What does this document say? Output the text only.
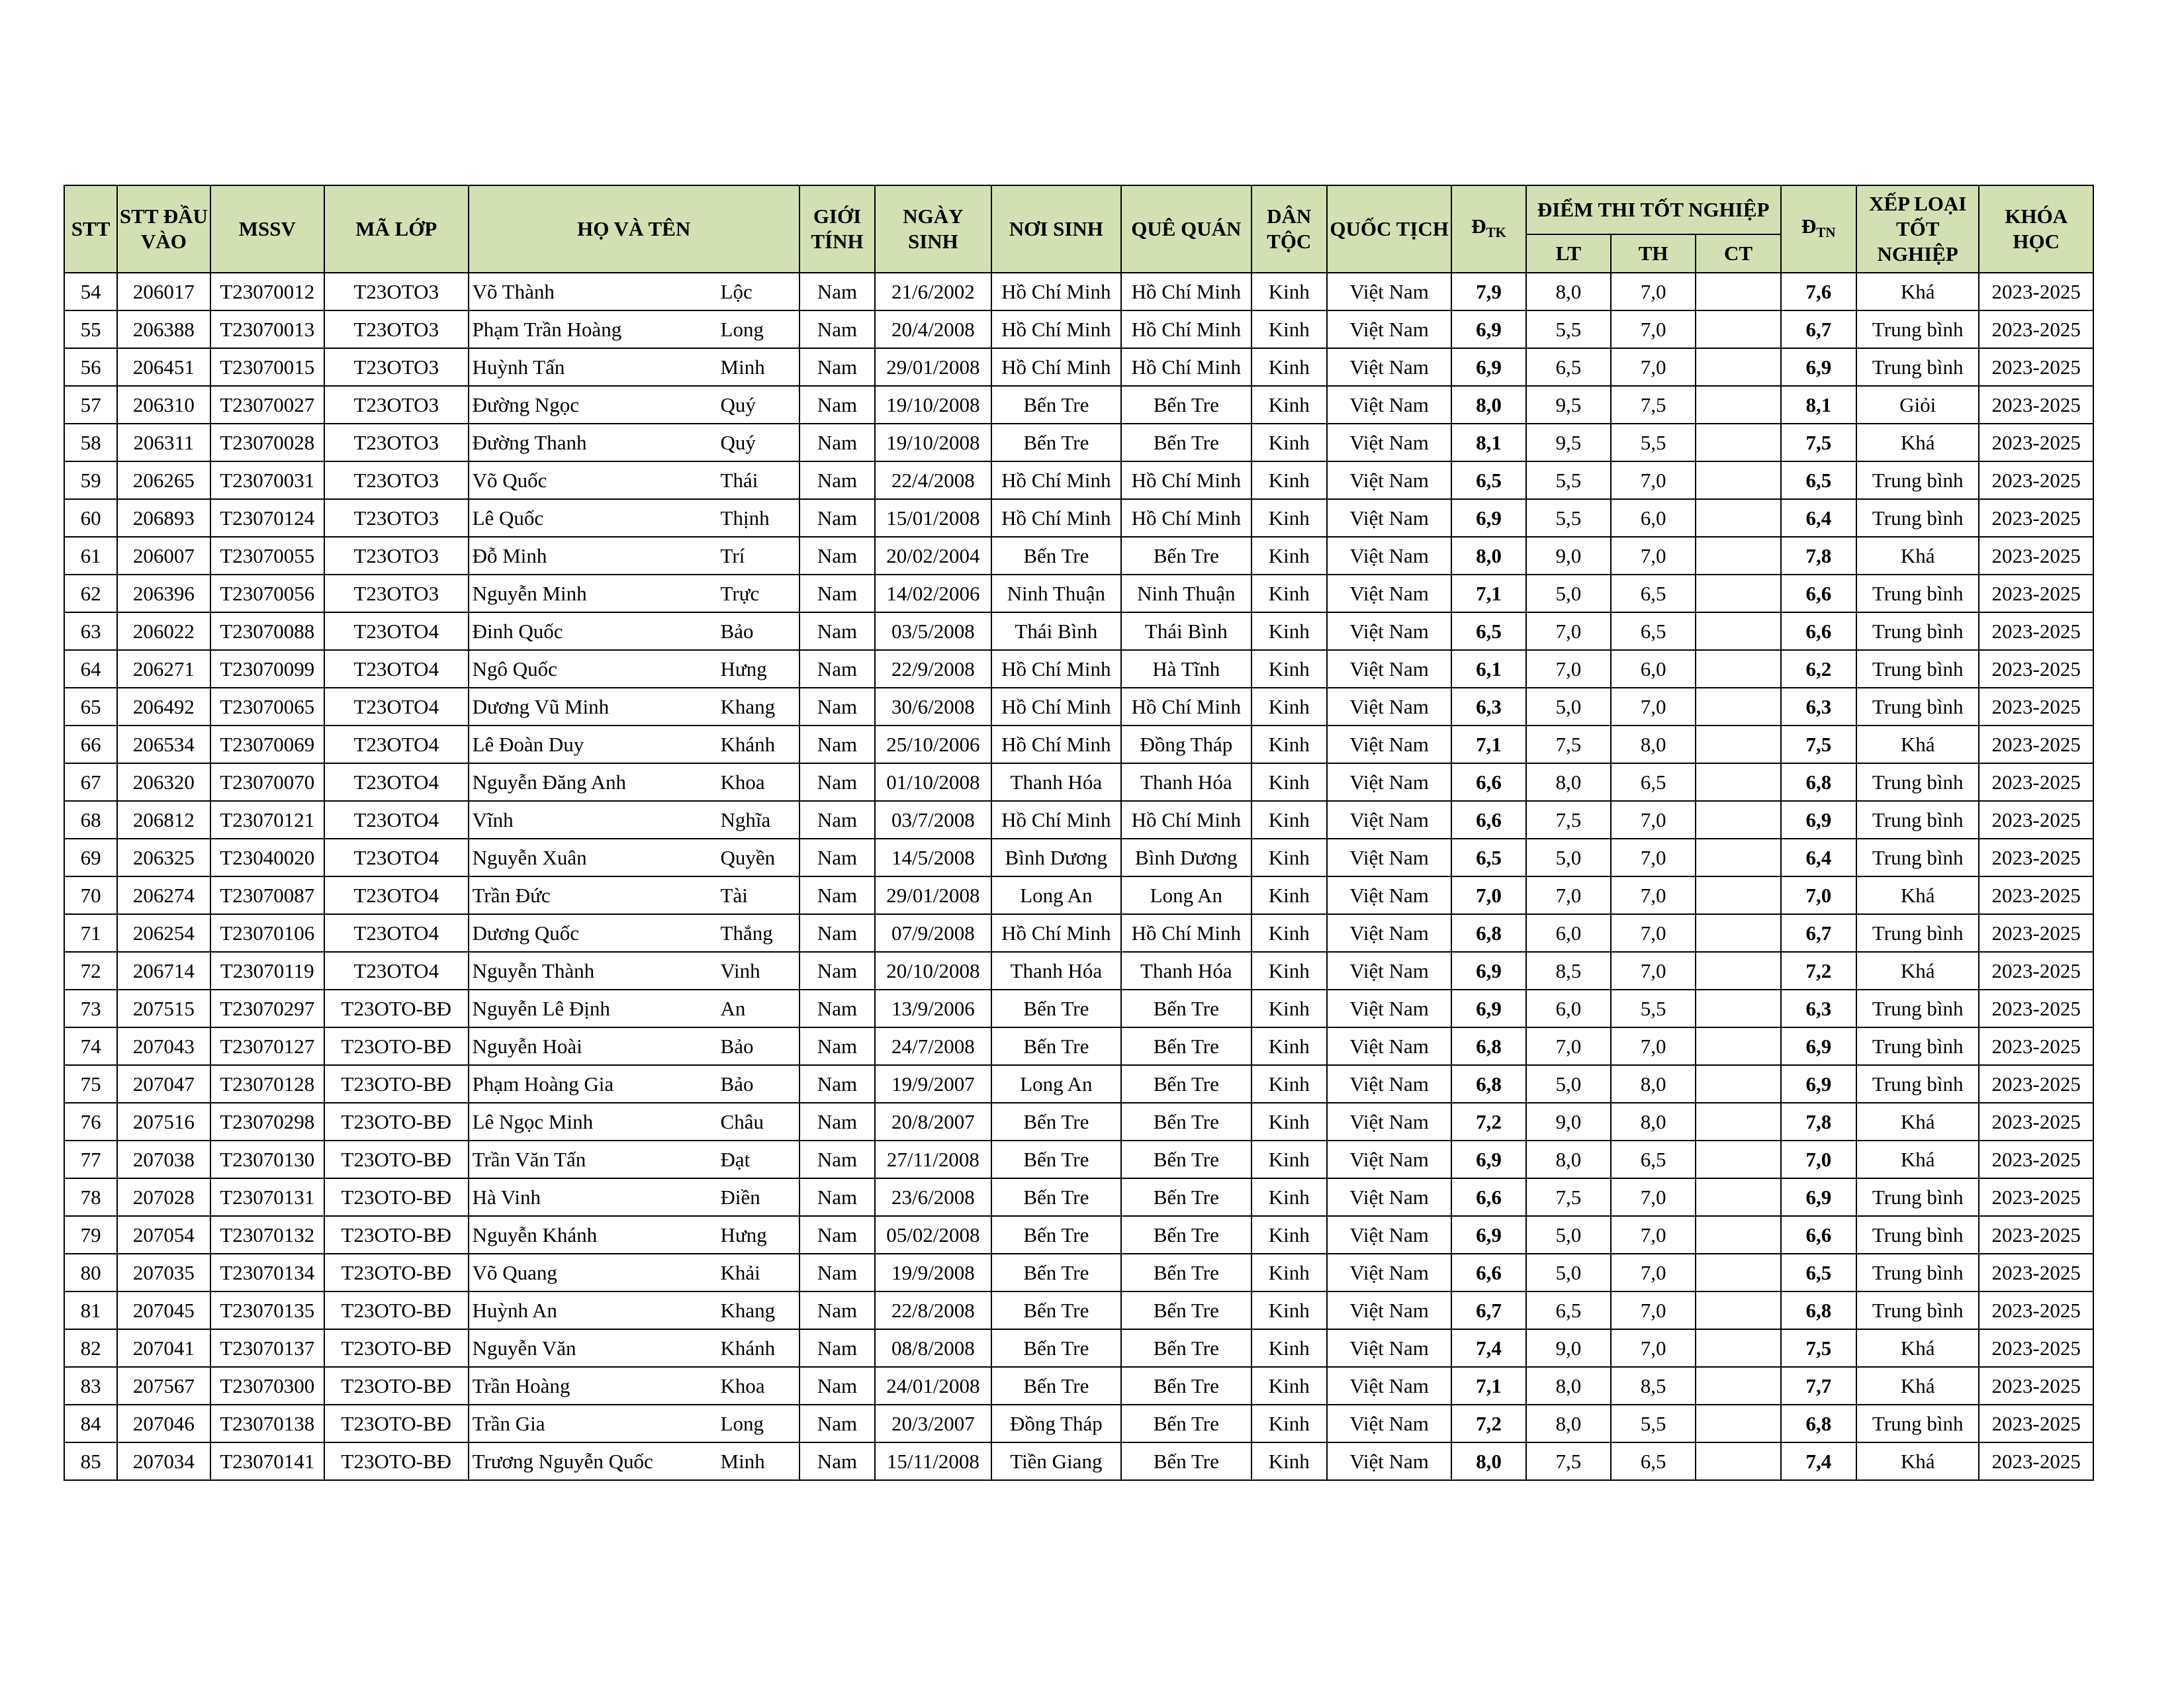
STT	STT ĐẦU VÀO	MSSV	MÃ LỚP	HỌ VÀ TÊN		GIỚI TÍNH	NGÀY SINH	NƠI SINH	QUÊ QUÁN	DÂN TỘC	QUỐC TỊCH	$Đ_{TK}$	ĐIỂM THI TỐT NGHIỆP			$Đ_{TN}$	XẾP LOẠI TỐT NGHIỆP	KHÓA HỌC
													LT	TH	CT			
54	206017	T23070012	T23OTO3	Võ Thành	Lộc	Nam	21/6/2002	Hồ Chí Minh	Hồ Chí Minh	Kinh	Việt Nam	7,9	8,0	7,0		7,6	Khá	2023-2025
55	206388	T23070013	T23OTO3	Phạm Trần Hoàng	Long	Nam	20/4/2008	Hồ Chí Minh	Hồ Chí Minh	Kinh	Việt Nam	6,9	5,5	7,0		6,7	Trung bình	2023-2025
56	206451	T23070015	T23OTO3	Huỳnh Tấn	Minh	Nam	29/01/2008	Hồ Chí Minh	Hồ Chí Minh	Kinh	Việt Nam	6,9	6,5	7,0		6,9	Trung bình	2023-2025
57	206310	T23070027	T23OTO3	Đường Ngọc	Quý	Nam	19/10/2008	Bến Tre	Bến Tre	Kinh	Việt Nam	8,0	9,5	7,5		8,1	Giỏi	2023-2025
58	206311	T23070028	T23OTO3	Đường Thanh	Quý	Nam	19/10/2008	Bến Tre	Bến Tre	Kinh	Việt Nam	8,1	9,5	5,5		7,5	Khá	2023-2025
59	206265	T23070031	T23OTO3	Võ Quốc	Thái	Nam	22/4/2008	Hồ Chí Minh	Hồ Chí Minh	Kinh	Việt Nam	6,5	5,5	7,0		6,5	Trung bình	2023-2025
60	206893	T23070124	T23OTO3	Lê Quốc	Thịnh	Nam	15/01/2008	Hồ Chí Minh	Hồ Chí Minh	Kinh	Việt Nam	6,9	5,5	6,0		6,4	Trung bình	2023-2025
61	206007	T23070055	T23OTO3	Đỗ Minh	Trí	Nam	20/02/2004	Bến Tre	Bến Tre	Kinh	Việt Nam	8,0	9,0	7,0		7,8	Khá	2023-2025
62	206396	T23070056	T23OTO3	Nguyễn Minh	Trực	Nam	14/02/2006	Ninh Thuận	Ninh Thuận	Kinh	Việt Nam	7,1	5,0	6,5		6,6	Trung bình	2023-2025
63	206022	T23070088	T23OTO4	Đinh Quốc	Bảo	Nam	03/5/2008	Thái Bình	Thái Bình	Kinh	Việt Nam	6,5	7,0	6,5		6,6	Trung bình	2023-2025
64	206271	T23070099	T23OTO4	Ngô Quốc	Hưng	Nam	22/9/2008	Hồ Chí Minh	Hà Tĩnh	Kinh	Việt Nam	6,1	7,0	6,0		6,2	Trung bình	2023-2025
65	206492	T23070065	T23OTO4	Dương Vũ Minh	Khang	Nam	30/6/2008	Hồ Chí Minh	Hồ Chí Minh	Kinh	Việt Nam	6,3	5,0	7,0		6,3	Trung bình	2023-2025
66	206534	T23070069	T23OTO4	Lê Đoàn Duy	Khánh	Nam	25/10/2006	Hồ Chí Minh	Đồng Tháp	Kinh	Việt Nam	7,1	7,5	8,0		7,5	Khá	2023-2025
67	206320	T23070070	T23OTO4	Nguyễn Đăng Anh	Khoa	Nam	01/10/2008	Thanh Hóa	Thanh Hóa	Kinh	Việt Nam	6,6	8,0	6,5		6,8	Trung bình	2023-2025
68	206812	T23070121	T23OTO4	Vĩnh	Nghĩa	Nam	03/7/2008	Hồ Chí Minh	Hồ Chí Minh	Kinh	Việt Nam	6,6	7,5	7,0		6,9	Trung bình	2023-2025
69	206325	T23040020	T23OTO4	Nguyễn Xuân	Quyền	Nam	14/5/2008	Bình Dương	Bình Dương	Kinh	Việt Nam	6,5	5,0	7,0		6,4	Trung bình	2023-2025
70	206274	T23070087	T23OTO4	Trần Đức	Tài	Nam	29/01/2008	Long An	Long An	Kinh	Việt Nam	7,0	7,0	7,0		7,0	Khá	2023-2025
71	206254	T23070106	T23OTO4	Dương Quốc	Thắng	Nam	07/9/2008	Hồ Chí Minh	Hồ Chí Minh	Kinh	Việt Nam	6,8	6,0	7,0		6,7	Trung bình	2023-2025
72	206714	T23070119	T23OTO4	Nguyễn Thành	Vinh	Nam	20/10/2008	Thanh Hóa	Thanh Hóa	Kinh	Việt Nam	6,9	8,5	7,0		7,2	Khá	2023-2025
73	207515	T23070297	T23OTO-BĐ	Nguyễn Lê Định	An	Nam	13/9/2006	Bến Tre	Bến Tre	Kinh	Việt Nam	6,9	6,0	5,5		6,3	Trung bình	2023-2025
74	207043	T23070127	T23OTO-BĐ	Nguyễn Hoài	Bảo	Nam	24/7/2008	Bến Tre	Bến Tre	Kinh	Việt Nam	6,8	7,0	7,0		6,9	Trung bình	2023-2025
75	207047	T23070128	T23OTO-BĐ	Phạm Hoàng Gia	Bảo	Nam	19/9/2007	Long An	Bến Tre	Kinh	Việt Nam	6,8	5,0	8,0		6,9	Trung bình	2023-2025
76	207516	T23070298	T23OTO-BĐ	Lê Ngọc Minh	Châu	Nam	20/8/2007	Bến Tre	Bến Tre	Kinh	Việt Nam	7,2	9,0	8,0		7,8	Khá	2023-2025
77	207038	T23070130	T23OTO-BĐ	Trần Văn Tấn	Đạt	Nam	27/11/2008	Bến Tre	Bến Tre	Kinh	Việt Nam	6,9	8,0	6,5		7,0	Khá	2023-2025
78	207028	T23070131	T23OTO-BĐ	Hà Vinh	Điền	Nam	23/6/2008	Bến Tre	Bến Tre	Kinh	Việt Nam	6,6	7,5	7,0		6,9	Trung bình	2023-2025
79	207054	T23070132	T23OTO-BĐ	Nguyễn Khánh	Hưng	Nam	05/02/2008	Bến Tre	Bến Tre	Kinh	Việt Nam	6,9	5,0	7,0		6,6	Trung bình	2023-2025
80	207035	T23070134	T23OTO-BĐ	Võ Quang	Khải	Nam	19/9/2008	Bến Tre	Bến Tre	Kinh	Việt Nam	6,6	5,0	7,0		6,5	Trung bình	2023-2025
81	207045	T23070135	T23OTO-BĐ	Huỳnh An	Khang	Nam	22/8/2008	Bến Tre	Bến Tre	Kinh	Việt Nam	6,7	6,5	7,0		6,8	Trung bình	2023-2025
82	207041	T23070137	T23OTO-BĐ	Nguyễn Văn	Khánh	Nam	08/8/2008	Bến Tre	Bến Tre	Kinh	Việt Nam	7,4	9,0	7,0		7,5	Khá	2023-2025
83	207567	T23070300	T23OTO-BĐ	Trần Hoàng	Khoa	Nam	24/01/2008	Bến Tre	Bến Tre	Kinh	Việt Nam	7,1	8,0	8,5		7,7	Khá	2023-2025
84	207046	T23070138	T23OTO-BĐ	Trần Gia	Long	Nam	20/3/2007	Đồng Tháp	Bến Tre	Kinh	Việt Nam	7,2	8,0	5,5		6,8	Trung bình	2023-2025
85	207034	T23070141	T23OTO-BĐ	Trương Nguyễn Quốc	Minh	Nam	15/11/2008	Tiền Giang	Bến Tre	Kinh	Việt Nam	8,0	7,5	6,5		7,4	Khá	2023-2025
